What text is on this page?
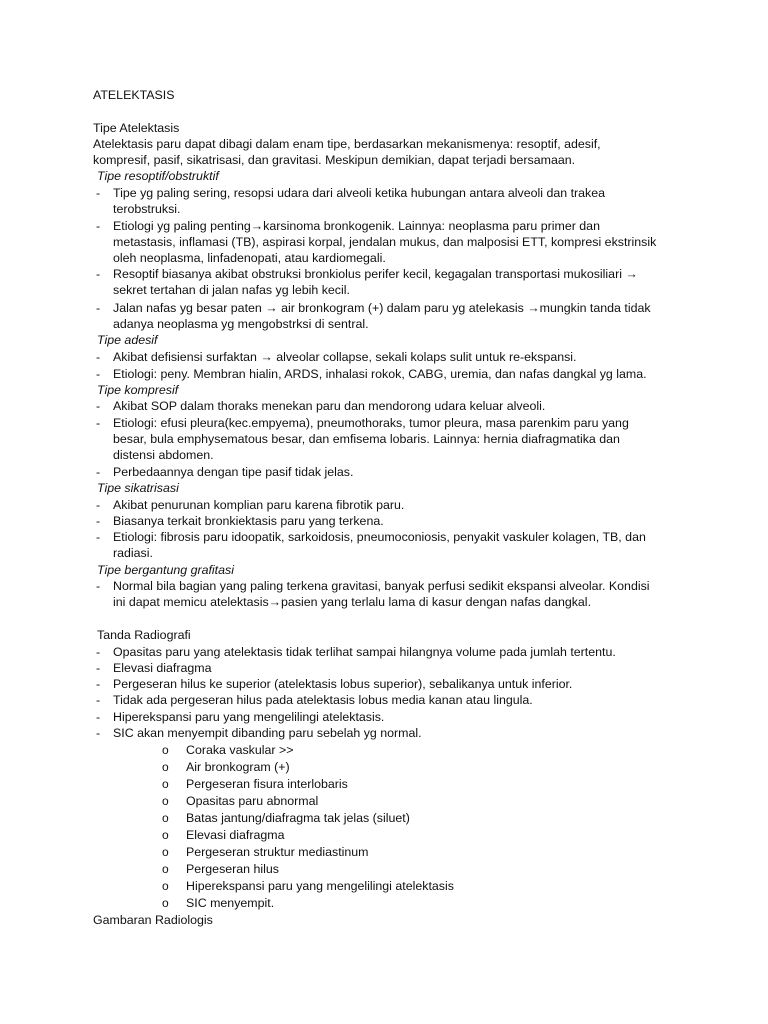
ATELEKTASIS
Tipe Atelektasis
Atelektasis paru dapat dibagi dalam enam tipe, berdasarkan mekanismenya: resoptif, adesif,
kompresif, pasif, sikatrisasi, dan gravitasi. Meskipun demikian, dapat terjadi bersamaan.
Tipe resoptif/obstruktif
- Tipe yg paling sering, resopsi udara dari alveoli ketika hubungan antara alveoli dan trakea
terobstruksi.
- Etiologi yg paling penting→karsinoma bronkogenik. Lainnya: neoplasma paru primer dan
metastasis, inflamasi (TB), aspirasi korpal, jendalan mukus, dan malposisi ETT, kompresi ekstrinsik
oleh neoplasma, linfadenopati, atau kardiomegali.
- Resoptif biasanya akibat obstruksi bronkiolus perifer kecil, kegagalan transportasi mukosiliari →
sekret tertahan di jalan nafas yg lebih kecil.
- Jalan nafas yg besar paten → air bronkogram (+) dalam paru yg atelekasis →mungkin tanda tidak
adanya neoplasma yg mengobstrksi di sentral.
Tipe adesif
- Akibat defisiensi surfaktan → alveolar collapse, sekali kolaps sulit untuk re-ekspansi.
- Etiologi: peny. Membran hialin, ARDS, inhalasi rokok, CABG, uremia, dan nafas dangkal yg lama.
Tipe kompresif
- Akibat SOP dalam thoraks menekan paru dan mendorong udara keluar alveoli.
- Etiologi: efusi pleura(kec.empyema), pneumothoraks, tumor pleura, masa parenkim paru yang
besar, bula emphysematous besar, dan emfisema lobaris. Lainnya: hernia diafragmatika dan
distensi abdomen.
- Perbedaannya dengan tipe pasif tidak jelas.
Tipe sikatrisasi
- Akibat penurunan komplian paru karena fibrotik paru.
- Biasanya terkait bronkiektasis paru yang terkena.
- Etiologi: fibrosis paru idoopatik, sarkoidosis, pneumoconiosis, penyakit vaskuler kolagen, TB, dan
radiasi.
Tipe bergantung grafitasi
- Normal bila bagian yang paling terkena gravitasi, banyak perfusi sedikit ekspansi alveolar. Kondisi
ini dapat memicu atelektasis→pasien yang terlalu lama di kasur dengan nafas dangkal.
Tanda Radiografi
- Opasitas paru yang atelektasis tidak terlihat sampai hilangnya volume pada jumlah tertentu.
- Elevasi diafragma
- Pergeseran hilus ke superior (atelektasis lobus superior), sebalikanya untuk inferior.
- Tidak ada pergeseran hilus pada atelektasis lobus media kanan atau lingula.
- Hiperekspansi paru yang mengelilingi atelektasis.
- SIC akan menyempit dibanding paru sebelah yg normal.
o Coraka vaskular >>
o Air bronkogram (+)
o Pergeseran fisura interlobaris
o Opasitas paru abnormal
o Batas jantung/diafragma tak jelas (siluet)
o Elevasi diafragma
o Pergeseran struktur mediastinum
o Pergeseran hilus
o Hiperekspansi paru yang mengelilingi atelektasis
o SIC menyempit.
Gambaran Radiologis
